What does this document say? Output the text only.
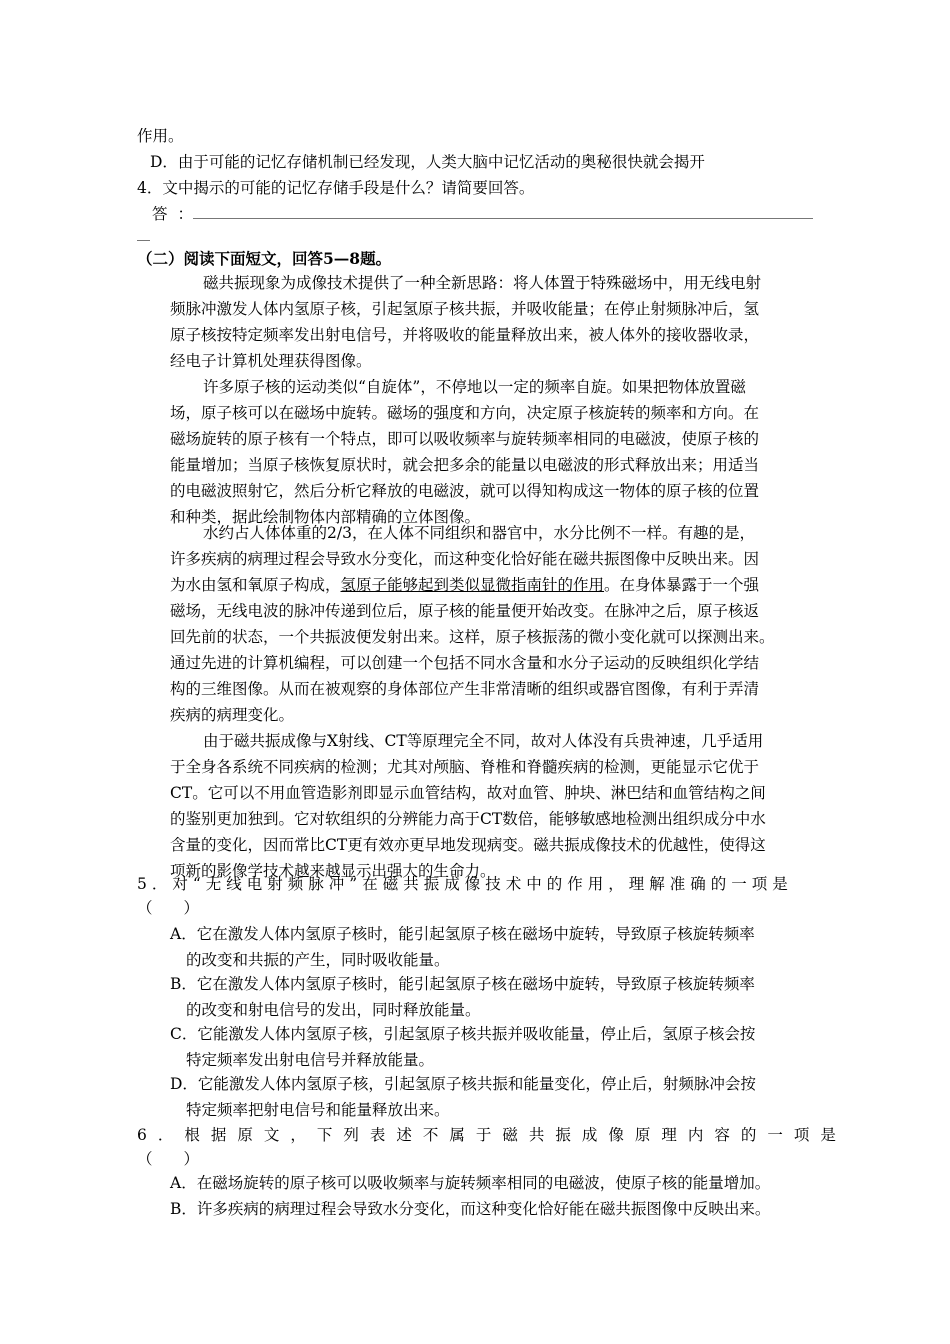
作用。
D．由于可能的记忆存储机制已经发现，人类大脑中记忆活动的奥秘很快就会揭开
4．文中揭示的可能的记忆存储手段是什么？请简要回答。
答：
（二）阅读下面短文，回答5—8题。
磁共振现象为成像技术提供了一种全新思路：将人体置于特殊磁场中，用无线电射
频脉冲激发人体内氢原子核，引起氢原子核共振，并吸收能量；在停止射频脉冲后，氢
原子核按特定频率发出射电信号，并将吸收的能量释放出来，被人体外的接收器收录，
经电子计算机处理获得图像。
许多原子核的运动类似“自旋体”，不停地以一定的频率自旋。如果把物体放置磁
场，原子核可以在磁场中旋转。磁场的强度和方向，决定原子核旋转的频率和方向。在
磁场旋转的原子核有一个特点，即可以吸收频率与旋转频率相同的电磁波，使原子核的
能量增加；当原子核恢复原状时，就会把多余的能量以电磁波的形式释放出来；用适当
的电磁波照射它，然后分析它释放的电磁波，就可以得知构成这一物体的原子核的位置
和种类，据此绘制物体内部精确的立体图像。
水约占人体体重的2/3，在人体不同组织和器官中，水分比例不一样。有趣的是，
许多疾病的病理过程会导致水分变化，而这种变化恰好能在磁共振图像中反映出来。因
为水由氢和氧原子构成，氢原子能够起到类似显微指南针的作用。在身体暴露于一个强
磁场，无线电波的脉冲传递到位后，原子核的能量便开始改变。在脉冲之后，原子核返
回先前的状态，一个共振波便发射出来。这样，原子核振荡的微小变化就可以探测出来。
通过先进的计算机编程，可以创建一个包括不同水含量和水分子运动的反映组织化学结
构的三维图像。从而在被观察的身体部位产生非常清晰的组织或器官图像，有利于弄清
疾病的病理变化。
由于磁共振成像与X射线、CT等原理完全不同，故对人体没有兵贵神速，几乎适用
于全身各系统不同疾病的检测；尤其对颅脑、脊椎和脊髓疾病的检测，更能显示它优于
CT。它可以不用血管造影剂即显示血管结构，故对血管、肿块、淋巴结和血管结构之间
的鉴别更加独到。它对软组织的分辨能力高于CT数倍，能够敏感地检测出组织成分中水
含量的变化，因而常比CT更有效亦更早地发现病变。磁共振成像技术的优越性，使得这
项新的影像学技术越来越显示出强大的生命力。
5．对“无线电射频脉冲”在磁共振成像技术中的作用，理解准确的一项是
（　　）
A．它在激发人体内氢原子核时，能引起氢原子核在磁场中旋转，导致原子核旋转频率
的改变和共振的产生，同时吸收能量。
B．它在激发人体内氢原子核时，能引起氢原子核在磁场中旋转，导致原子核旋转频率
的改变和射电信号的发出，同时释放能量。
C．它能激发人体内氢原子核，引起氢原子核共振并吸收能量，停止后，氢原子核会按
特定频率发出射电信号并释放能量。
D．它能激发人体内氢原子核，引起氢原子核共振和能量变化，停止后，射频脉冲会按
特定频率把射电信号和能量释放出来。
6．根据原文，下列表述不属于磁共振成像原理内容的一项是
（　　）
A．在磁场旋转的原子核可以吸收频率与旋转频率相同的电磁波，使原子核的能量增加。
B．许多疾病的病理过程会导致水分变化，而这种变化恰好能在磁共振图像中反映出来。
